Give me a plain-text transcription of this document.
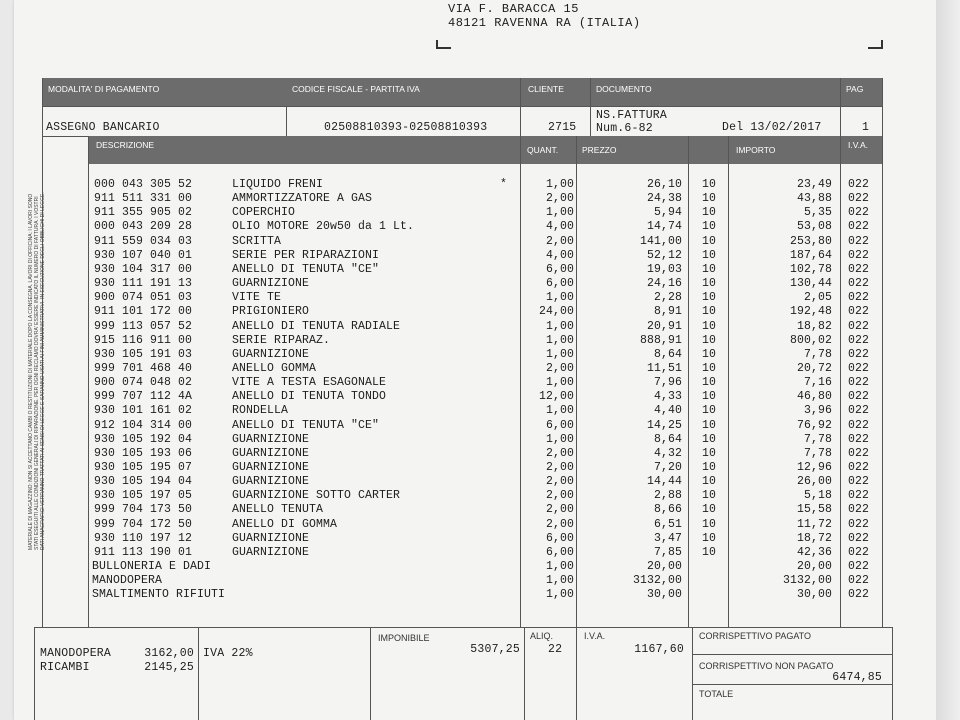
VIA F. BARACCA 15
48121 RAVENNA RA (ITALIA)
MODALITA' DI PAGAMENTO	CODICE FISCALE - PARTITA IVA	CLIENTE	DOCUMENTO	PAG
ASSEGNO BANCARIO	02508810393-02508810393	2715
NS.FATTURA
Num.6-82	Del 13/02/2017	1
DESCRIZIONE	QUANT.	PREZZO	IMPORTO	I.V.A.
MATERIALE DI MAGAZZINO: NON SI ACCETTANO CAMBI O RESTITUZIONI DI MATERIALE DOPO LA CONSEGNA. LAVORI DI OFFICINA: I LAVORI SONO STATI ESEGUITI ALLE CONDIZIONI GENERALI DI RIPARAZIONE. PER OGNI RECLAMO DOVRA' ESSERE INDICATO IL NUMERO DI FATTURA. I VOSTRI DATI ANAGRAFICI VERRANNO TRATTATI AI SENSI DI LEGGE E SARANNO USATI AI FINI AMMINISTRATIVI. IN ESECUZIONE DEGLI OBBLIGHI DI LEGGE.
000 043 305 52	LIQUIDO FRENI	*	1,00	26,10 10	23,49 022
911 511 331 00	AMMORTIZZATORE A GAS	2,00	24,38 10	43,88 022
911 355 905 02	COPERCHIO	1,00	5,94 10	5,35 022
000 043 209 28	OLIO MOTORE 20w50 da 1 Lt.	4,00	14,74 10	53,08 022
911 559 034 03	SCRITTA	2,00	141,00 10	253,80 022
930 107 040 01	SERIE PER RIPARAZIONI	4,00	52,12 10	187,64 022
930 104 317 00	ANELLO DI TENUTA "CE"	6,00	19,03 10	102,78 022
930 111 191 13	GUARNIZIONE	6,00	24,16 10	130,44 022
900 074 051 03	VITE TE	1,00	2,28 10	2,05 022
911 101 172 00	PRIGIONIERO	24,00	8,91 10	192,48 022
999 113 057 52	ANELLO DI TENUTA RADIALE	1,00	20,91 10	18,82 022
915 116 911 00	SERIE RIPARAZ.	1,00	888,91 10	800,02 022
930 105 191 03	GUARNIZIONE	1,00	8,64 10	7,78 022
999 701 468 40	ANELLO GOMMA	2,00	11,51 10	20,72 022
900 074 048 02	VITE A TESTA ESAGONALE	1,00	7,96 10	7,16 022
999 707 112 4A	ANELLO DI TENUTA TONDO	12,00	4,33 10	46,80 022
930 101 161 02	RONDELLA	1,00	4,40 10	3,96 022
912 104 314 00	ANELLO DI TENUTA "CE"	6,00	14,25 10	76,92 022
930 105 192 04	GUARNIZIONE	1,00	8,64 10	7,78 022
930 105 193 06	GUARNIZIONE	2,00	4,32 10	7,78 022
930 105 195 07	GUARNIZIONE	2,00	7,20 10	12,96 022
930 105 194 04	GUARNIZIONE	2,00	14,44 10	26,00 022
930 105 197 05	GUARNIZIONE SOTTO CARTER	2,00	2,88 10	5,18 022
999 704 173 50	ANELLO TENUTA	2,00	8,66 10	15,58 022
999 704 172 50	ANELLO DI GOMMA	2,00	6,51 10	11,72 022
930 110 197 12	GUARNIZIONE	6,00	3,47 10	18,72 022
911 113 190 01	GUARNIZIONE	6,00	7,85 10	42,36 022
BULLONERIA E DADI	1,00	20,00	20,00 022
MANODOPERA	1,00	3132,00	3132,00 022
SMALTIMENTO RIFIUTI	1,00	30,00	30,00 022
MANODOPERA	3162,00
RICAMBI	2145,25
IVA 22%
IMPONIBILE
5307,25
ALIQ.
22
I.V.A.
1167,60
CORRISPETTIVO PAGATO
CORRISPETTIVO NON PAGATO
6474,85
TOTALE
